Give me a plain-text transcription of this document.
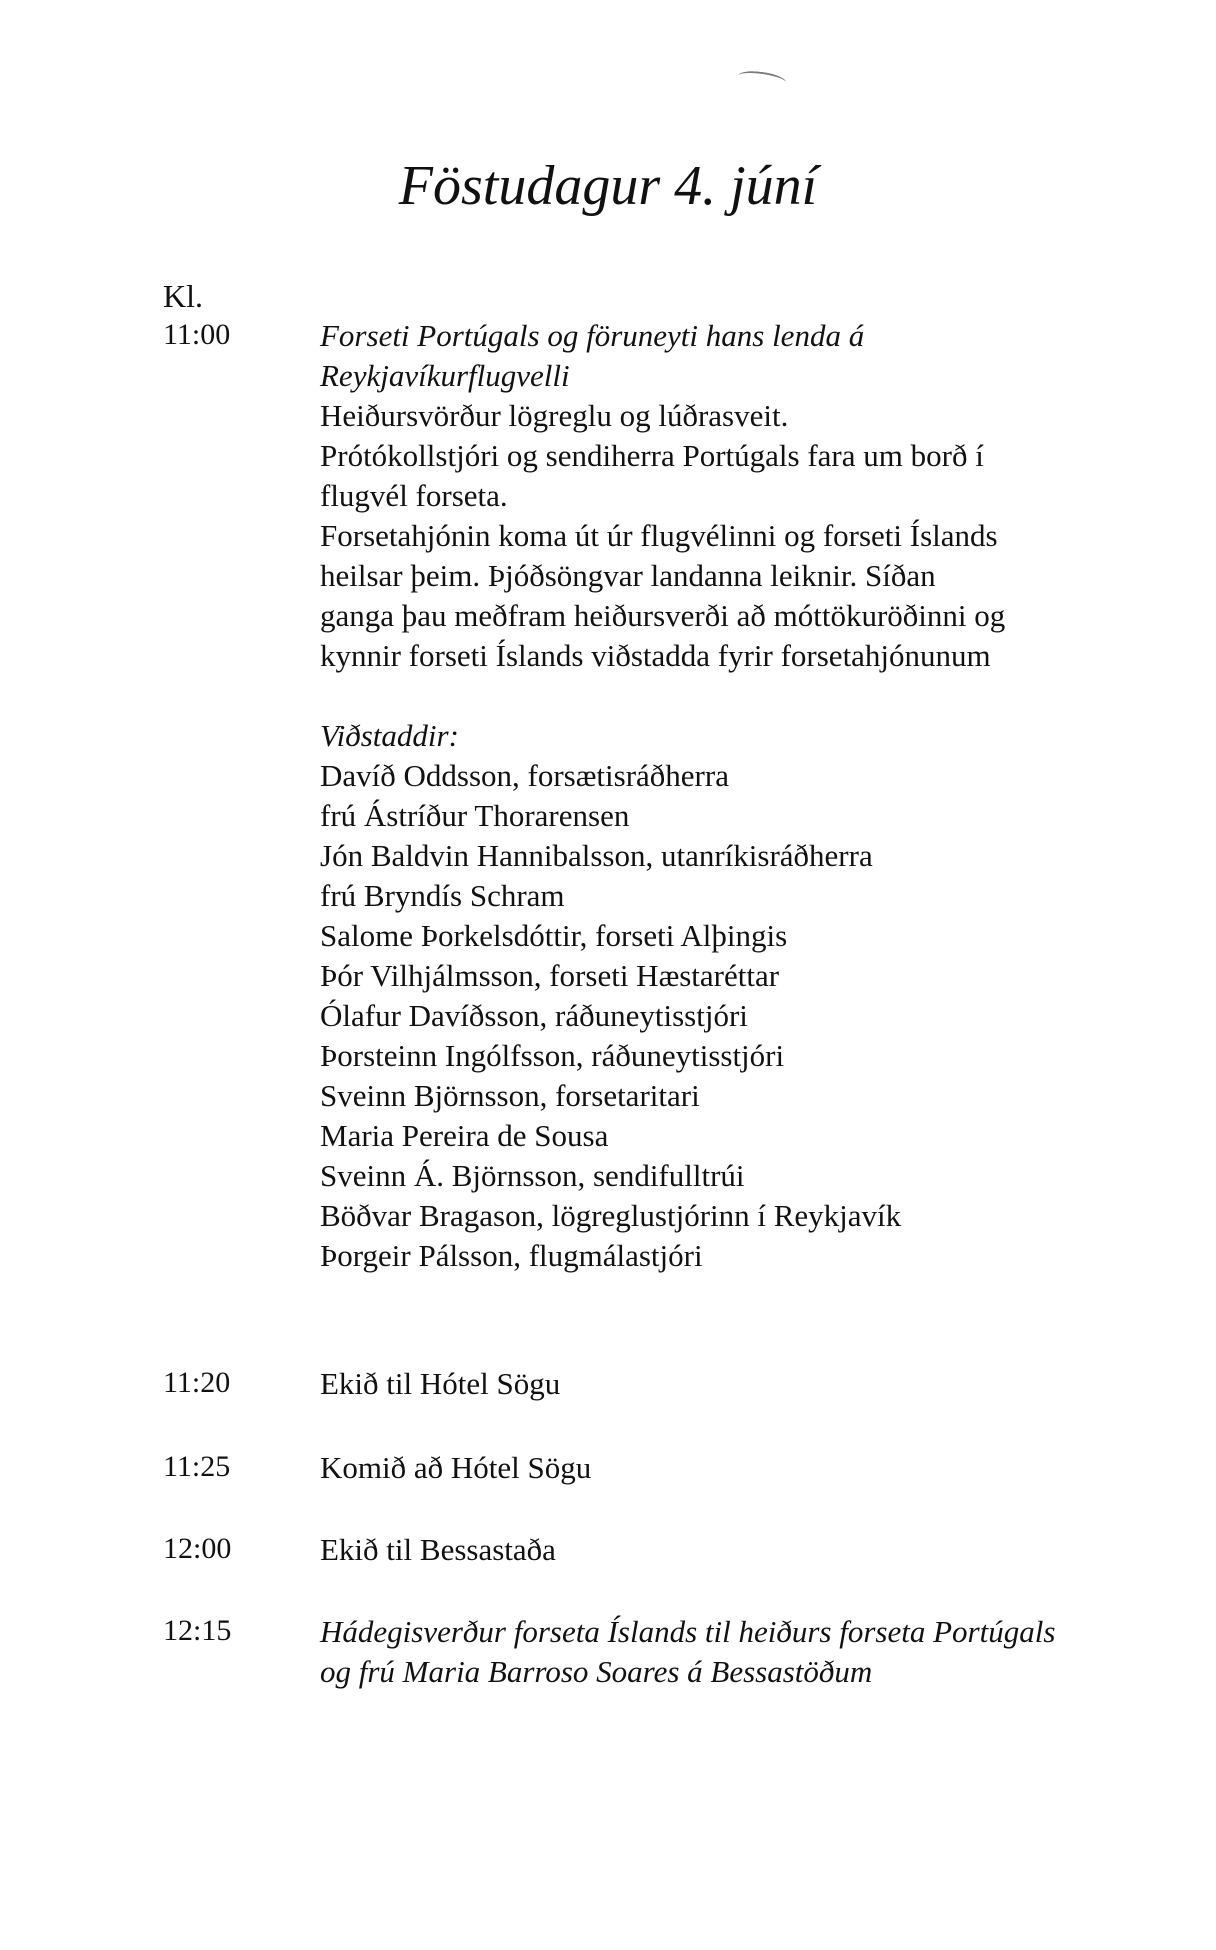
Föstudagur 4. júní
Kl.
11:00	Forseti Portúgals og föruneyti hans lenda á
Reykjavíkurflugvelli
Heiðursvörður lögreglu og lúðrasveit.
Prótókollstjóri og sendiherra Portúgals fara um borð í
flugvél forseta.
Forsetahjónin koma út úr flugvélinni og forseti Íslands
heilsar þeim. Þjóðsöngvar landanna leiknir. Síðan
ganga þau meðfram heiðursverði að móttökuröðinni og
kynnir forseti Íslands viðstadda fyrir forsetahjónunum
Viðstaddir:
Davíð Oddsson, forsætisráðherra
frú Ástríður Thorarensen
Jón Baldvin Hannibalsson, utanríkisráðherra
frú Bryndís Schram
Salome Þorkelsdóttir, forseti Alþingis
Þór Vilhjálmsson, forseti Hæstaréttar
Ólafur Davíðsson, ráðuneytisstjóri
Þorsteinn Ingólfsson, ráðuneytisstjóri
Sveinn Björnsson, forsetaritari
Maria Pereira de Sousa
Sveinn Á. Björnsson, sendifulltrúi
Böðvar Bragason, lögreglustjórinn í Reykjavík
Þorgeir Pálsson, flugmálastjóri
11:20	Ekið til Hótel Sögu
11:25	Komið að Hótel Sögu
12:00	Ekið til Bessastaða
12:15	Hádegisverður forseta Íslands til heiðurs forseta Portúgals
og frú Maria Barroso Soares á Bessastöðum
